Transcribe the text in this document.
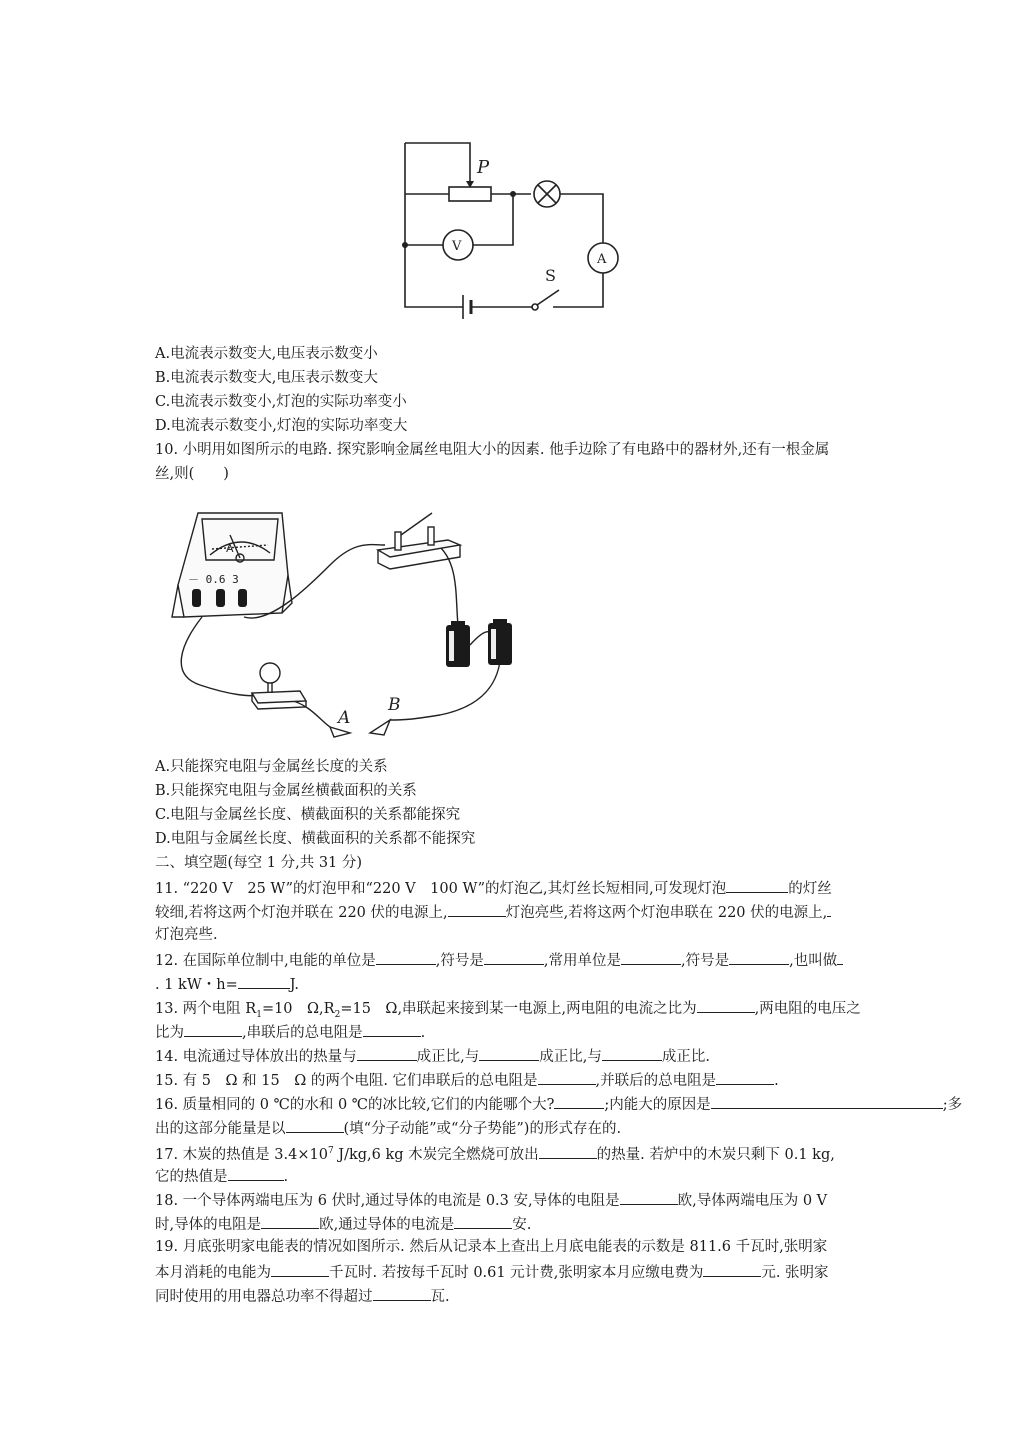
P
V
A
S
A.电流表示数变大,电压表示数变小
B.电流表示数变大,电压表示数变大
C.电流表示数变小,灯泡的实际功率变小
D.电流表示数变小,灯泡的实际功率变大
10. 小明用如图所示的电路. 探究影响金属丝电阻大小的因素. 他手边除了有电路中的器材外,还有一根金属
丝,则(　　)
A
－ 0.6 3
A
B
A.只能探究电阻与金属丝长度的关系
B.只能探究电阻与金属丝横截面积的关系
C.电阻与金属丝长度、横截面积的关系都能探究
D.电阻与金属丝长度、横截面积的关系都不能探究
二、填空题(每空 1 分,共 31 分)
11. “220 V　25 W”的灯泡甲和“220 V　100 W”的灯泡乙,其灯丝长短相同,可发现灯泡	的灯丝
较细,若将这两个灯泡并联在 220 伏的电源上,	灯泡亮些,若将这两个灯泡串联在 220 伏的电源上,
灯泡亮些.
12. 在国际单位制中,电能的单位是	,符号是	,常用单位是	,符号是	,也叫做
. 1 kW・h=	J.
13. 两个电阻 $R_1=10$　$\Omega,R_2=15$　Ω,串联起来接到某一电源上,两电阻的电流之比为	,两电阻的电压之
比为	,串联后的总电阻是	.
14. 电流通过导体放出的热量与	成正比,与	成正比,与	成正比.
15. 有 5　Ω 和 15　Ω 的两个电阻. 它们串联后的总电阻是	,并联后的总电阻是	.
16. 质量相同的 0 ℃的水和 0 ℃的冰比较,它们的内能哪个大?	;内能大的原因是	;多
出的这部分能量是以	(填“分子动能”或“分子势能”)的形式存在的.
17. 木炭的热值是 $3.4\times 10^7$ J/kg,6 kg 木炭完全燃烧可放出	的热量. 若炉中的木炭只剩下 0.1 kg,
它的热值是	.
18. 一个导体两端电压为 6 伏时,通过导体的电流是 0.3 安,导体的电阻是	欧,导体两端电压为 0 V
时,导体的电阻是	欧,通过导体的电流是	安.
19. 月底张明家电能表的情况如图所示. 然后从记录本上查出上月底电能表的示数是 811.6 千瓦时,张明家
本月消耗的电能为	千瓦时. 若按每千瓦时 0.61 元计费,张明家本月应缴电费为	元. 张明家
同时使用的用电器总功率不得超过	瓦.
